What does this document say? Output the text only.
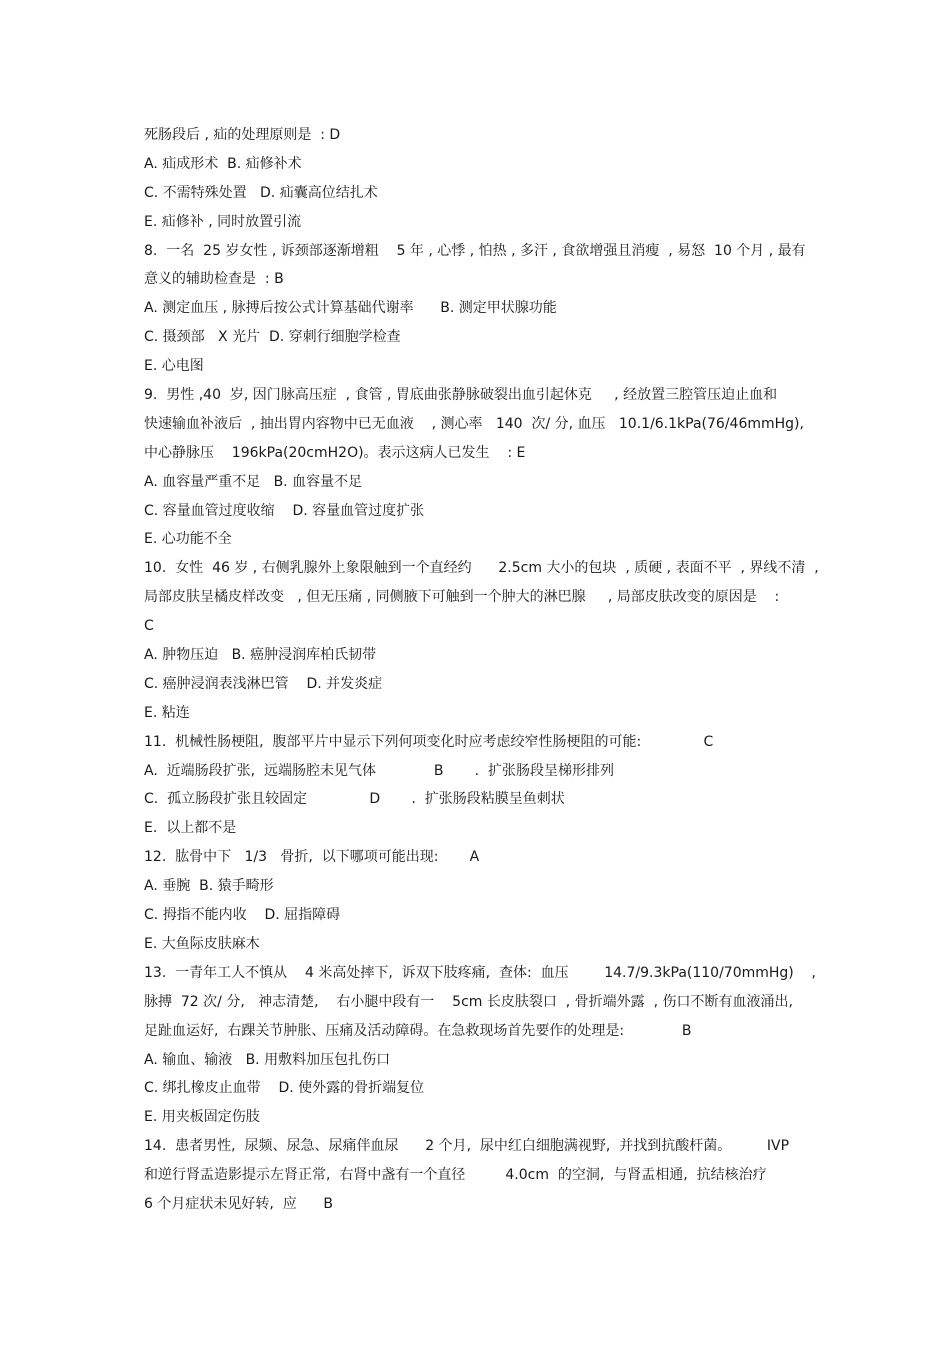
死肠段后 , 疝的处理原则是  : D
A. 疝成形术  B. 疝修补术
C. 不需特殊处置   D. 疝囊高位结扎术
E. 疝修补 , 同时放置引流
8.  一名  25 岁女性 , 诉颈部逐渐增粗    5 年 , 心悸 , 怕热 , 多汗 , 食欲增强且消瘦  , 易怒  10 个月 , 最有
意义的辅助检查是  : B
A. 测定血压 , 脉搏后按公式计算基础代谢率      B. 测定甲状腺功能
C. 摄颈部   X 光片  D. 穿刺行细胞学检查
E. 心电图
9.  男性 ,40  岁, 因门脉高压症  , 食管 , 胃底曲张静脉破裂出血引起休克     , 经放置三腔管压迫止血和
快速输血补液后  , 抽出胃内容物中已无血液    , 测心率   140  次/ 分, 血压   10.1/6.1kPa(76/46mmHg),
中心静脉压    196kPa(20cmH2O)。表示这病人已发生    : E
A. 血容量严重不足   B. 血容量不足
C. 容量血管过度收缩    D. 容量血管过度扩张
E. 心功能不全
10.  女性  46 岁 , 右侧乳腺外上象限触到一个直经约      2.5cm 大小的包块  , 质硬 , 表面不平  , 界线不清  ,
局部皮肤呈橘皮样改变   , 但无压痛 , 同侧腋下可触到一个肿大的淋巴腺     , 局部皮肤改变的原因是    :
C
A. 肿物压迫   B. 癌肿浸润库柏氏韧带
C. 癌肿浸润表浅淋巴管    D. 并发炎症
E. 粘连
11.  机械性肠梗阻,  腹部平片中显示下列何项变化时应考虑绞窄性肠梗阻的可能:              C
A.  近端肠段扩张,  远端肠腔未见气体             B       .  扩张肠段呈梯形排列
C.  孤立肠段扩张且较固定              D       .  扩张肠段粘膜呈鱼刺状
E.  以上都不是
12.  肱骨中下   1/3   骨折,  以下哪项可能出现:       A
A. 垂腕  B. 猿手畸形
C. 拇指不能内收    D. 屈指障碍
E. 大鱼际皮肤麻木
13.  一青年工人不慎从    4 米高处摔下,  诉双下肢疼痛,  查体:  血压        14.7/9.3kPa(110/70mmHg)    ,
脉搏  72 次/ 分,   神志清楚,    右小腿中段有一    5cm 长皮肤裂口  , 骨折端外露  , 伤口不断有血液涌出,
足趾血运好,  右踝关节肿胀、压痛及活动障碍。在急救现场首先要作的处理是:             B
A. 输血、输液   B. 用敷料加压包扎伤口
C. 绑扎橡皮止血带    D. 使外露的骨折端复位
E. 用夹板固定伤肢
14.  患者男性,  尿频、尿急、尿痛伴血尿      2 个月,  尿中红白细胞满视野,  并找到抗酸杆菌。        IVP
和逆行肾盂造影提示左肾正常,  右肾中盏有一个直径         4.0cm  的空洞,  与肾盂相通,  抗结核治疗
6 个月症状未见好转,  应      B
